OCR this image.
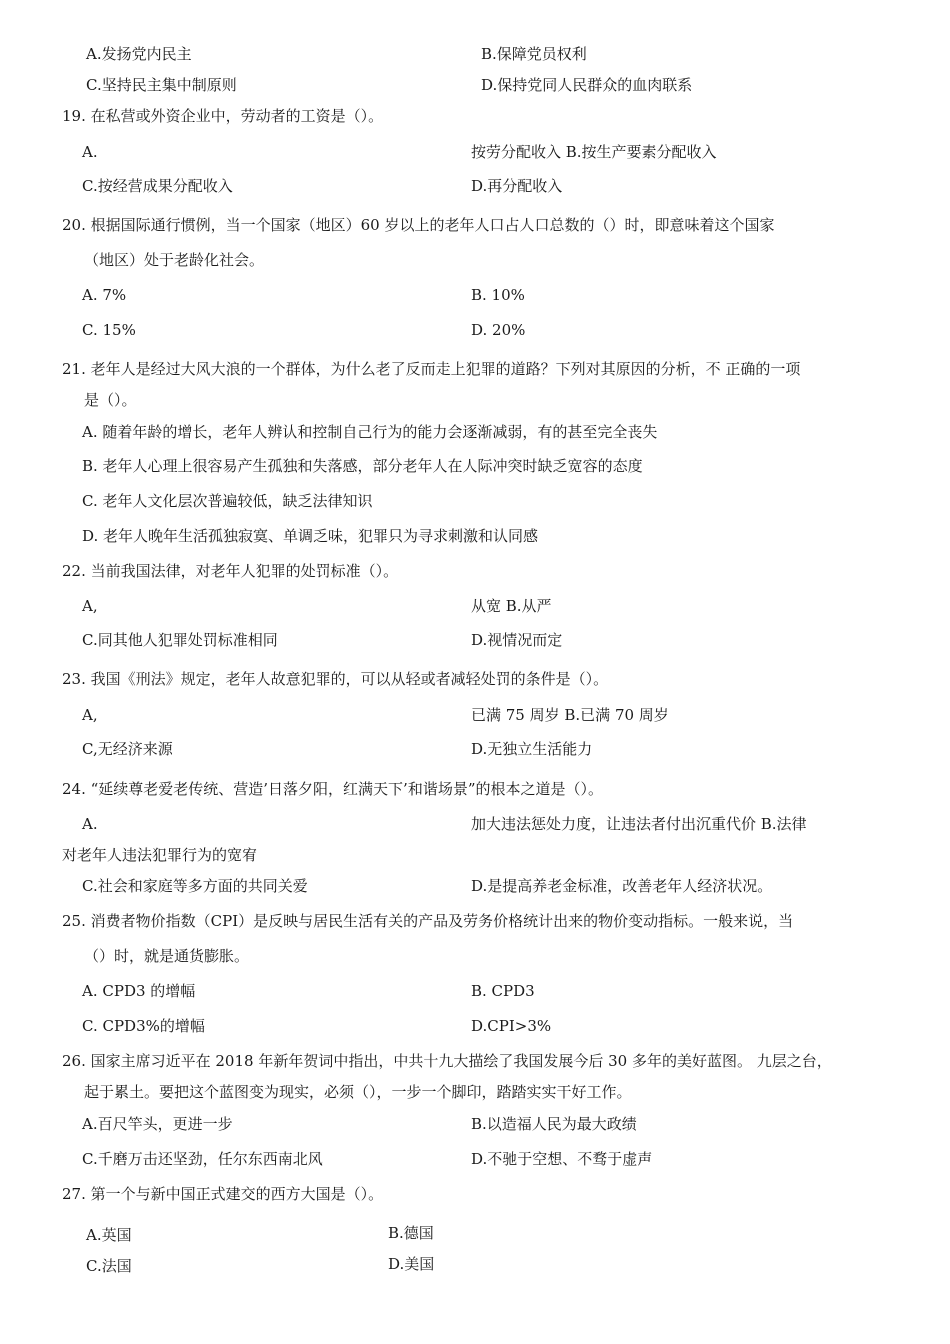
A.发扬党内民主	B.保障党员权利
C.坚持民主集中制原则	D.保持党同人民群众的血肉联系
19. 在私营或外资企业中，劳动者的工资是（）。
A.	按劳分配收入 B.按生产要素分配收入
C.按经营成果分配收入	D.再分配收入
20. 根据国际通行惯例，当一个国家（地区）60 岁以上的老年人口占人口总数的（）时，即意味着这个国家
（地区）处于老龄化社会。
A. 7%	B. 10%
C. 15%	D. 20%
21. 老年人是经过大风大浪的一个群体，为什么老了反而走上犯罪的道路？下列对其原因的分析，不 正确的一项
是（）。
A. 随着年龄的增长，老年人辨认和控制自己行为的能力会逐渐减弱，有的甚至完全丧失
B. 老年人心理上很容易产生孤独和失落感，部分老年人在人际冲突时缺乏宽容的态度
C. 老年人文化层次普遍较低，缺乏法律知识
D. 老年人晚年生活孤独寂寞、单调乏味，犯罪只为寻求刺激和认同感
22. 当前我国法律，对老年人犯罪的处罚标准（）。
A,	从宽 B.从严
C.同其他人犯罪处罚标准相同	D.视情况而定
23. 我国《刑法》规定，老年人故意犯罪的，可以从轻或者减轻处罚的条件是（）。
A,	已满 75 周岁 B.已满 70 周岁
C,无经济来源	D.无独立生活能力
24. “延续尊老爱老传统、营造’日落夕阳，红满天下’和谐场景”的根本之道是（）。
A.	加大违法惩处力度，让违法者付出沉重代价 B.法律
对老年人违法犯罪行为的宽宥
C.社会和家庭等多方面的共同关爱	D.是提高养老金标准，改善老年人经济状况。
25. 消费者物价指数（CPI）是反映与居民生活有关的产品及劳务价格统计出来的物价变动指标。一般来说，当
（）时，就是通货膨胀。
A. CPD3 的增幅	B. CPD3
C. CPD3%的增幅	D.CPI>3%
26. 国家主席习近平在 2018 年新年贺词中指出，中共十九大描绘了我国发展今后 30 多年的美好蓝图。 九层之台，
起于累土。要把这个蓝图变为现实，必须（），一步一个脚印，踏踏实实干好工作。
A.百尺竿头，更进一步	B.以造福人民为最大政绩
C.千磨万击还坚劲，任尔东西南北风	D.不驰于空想、不骛于虚声
27. 第一个与新中国正式建交的西方大国是（）。
A.英国	B.德国
C.法国	D.美国
